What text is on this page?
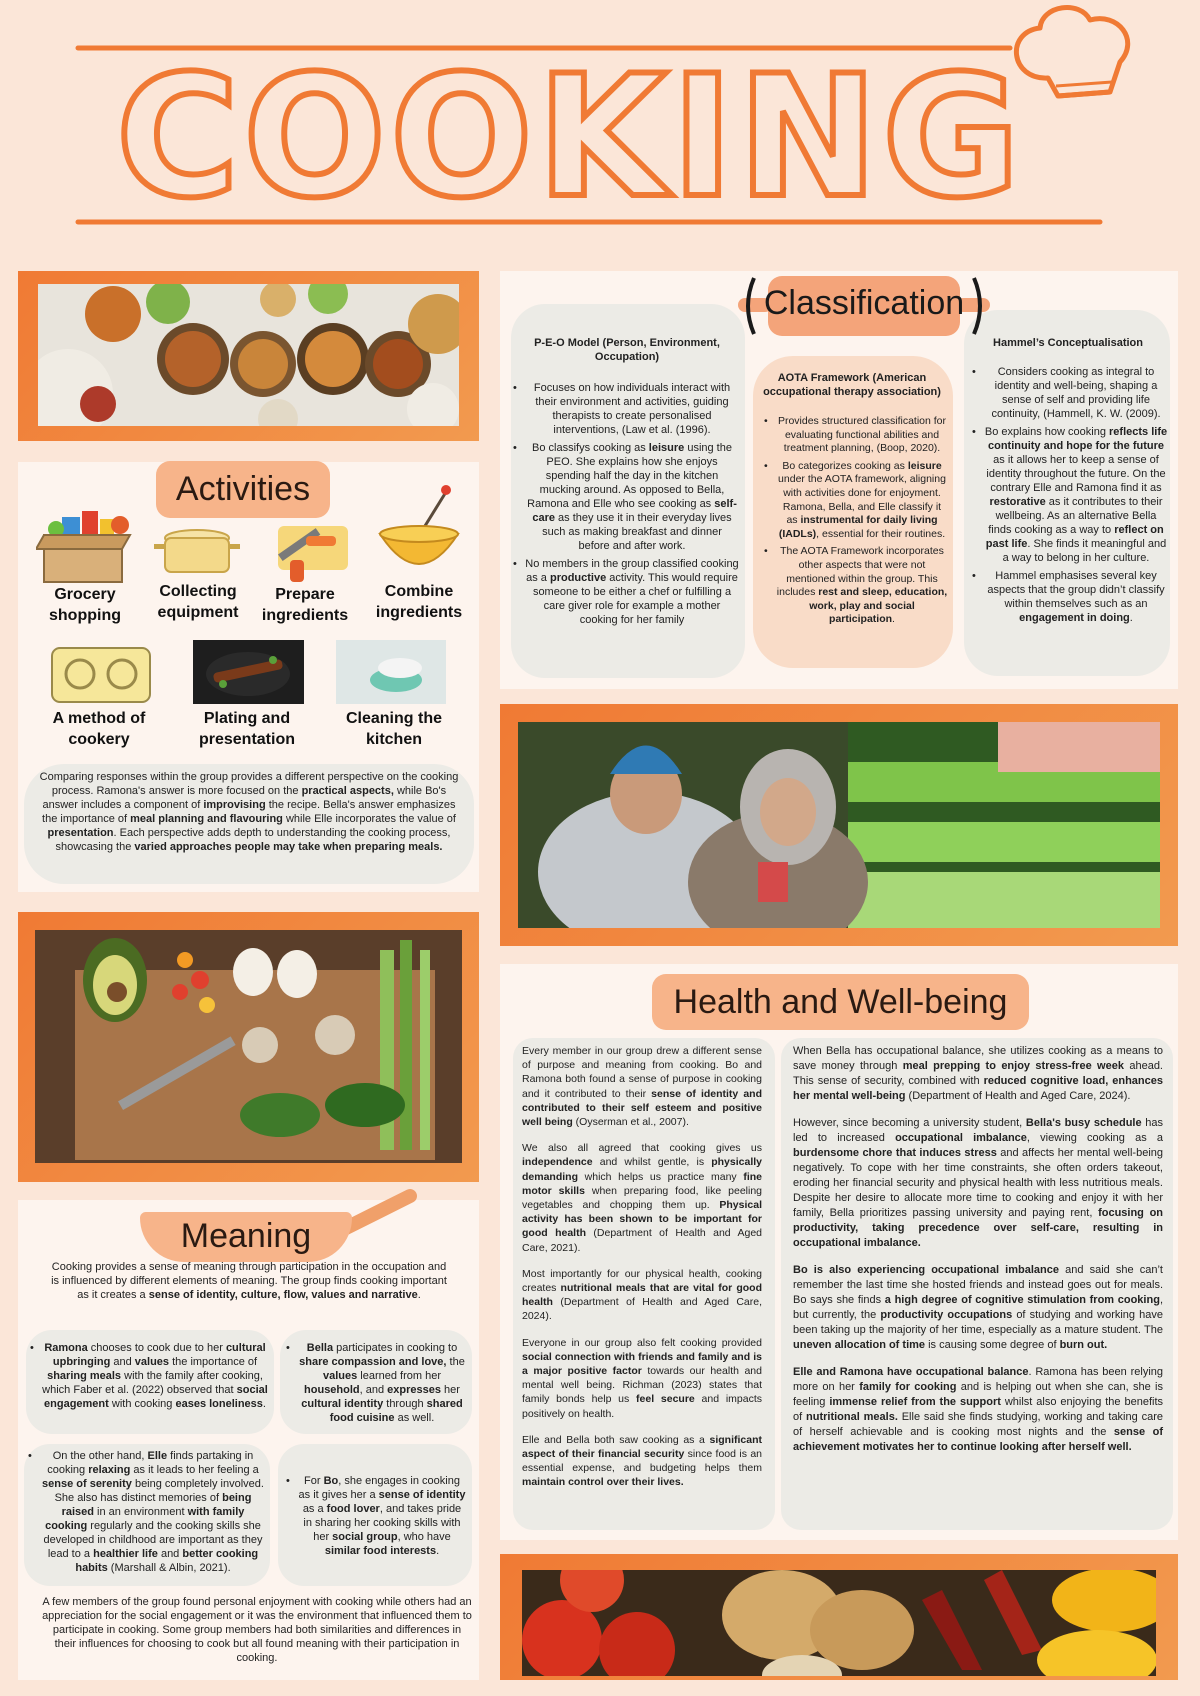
COOKING
Activities
Grocery shopping
Collecting equipment
Prepare ingredients
Combine ingredients
A method of cookery
Plating and presentation
Cleaning the kitchen
Comparing responses within the group provides a different perspective on the cooking process. Ramona's answer is more focused on the practical aspects, while Bo's answer includes a component of improvising the recipe. Bella's answer emphasizes the importance of meal planning and flavouring while Elle incorporates the value of presentation. Each perspective adds depth to understanding the cooking process, showcasing the varied approaches people may take when preparing meals.
Meaning
Cooking provides a sense of meaning through participation in the occupation and is influenced by different elements of meaning. The group finds cooking important as it creates a sense of identity, culture, flow, values and narrative.
• Ramona chooses to cook due to her cultural upbringing and values the importance of sharing meals with the family after cooking, which Faber et al. (2022) observed that social engagement with cooking eases loneliness.
•	Bella participates in cooking to share compassion and love, the values learned from her household, and expresses her cultural identity through shared food cuisine as well.
•	On the other hand, Elle finds partaking in cooking relaxing as it leads to her feeling a sense of serenity being completely involved. She also has distinct memories of being raised in an environment with family cooking regularly and the cooking skills she developed in childhood are important as they lead to a healthier life and better cooking habits (Marshall & Albin, 2021).
•	For Bo, she engages in cooking as it gives her a sense of identity as a food lover, and takes pride in sharing her cooking skills with her social group, who have similar food interests.
A few members of the group found personal enjoyment with cooking while others had an appreciation for the social engagement or it was the environment that influenced them to participate in cooking. Some group members had both similarities and differences in their influences for choosing to cook but all found meaning with their participation in cooking.
Classification
P-E-O Model (Person, Environment, Occupation)
• Focuses on how individuals interact with their environment and activities, guiding therapists to create personalised interventions, (Law et al. (1996).
• Bo classifys cooking as leisure using the PEO. She explains how she enjoys spending half the day in the kitchen mucking around. As opposed to Bella, Ramona and Elle who see cooking as self-care as they use it in their everyday lives such as making breakfast and dinner before and after work.
• No members in the group classified cooking as a productive activity. This would require someone to be either a chef or fulfilling a care giver role for example a mother cooking for her family
AOTA Framework (American occupational therapy association)
• Provides structured classification for evaluating functional abilities and treatment planning, (Boop, 2020).
• Bo categorizes cooking as leisure under the AOTA framework, aligning with activities done for enjoyment. Ramona, Bella, and Elle classify it as instrumental for daily living (IADLs), essential for their routines.
• The AOTA Framework incorporates other aspects that were not mentioned within the group. This includes rest and sleep, education, work, play and social participation.
Hammel’s Conceptualisation
• Considers cooking as integral to identity and well-being, shaping a sense of self and providing life continuity, (Hammell, K. W. (2009).
• Bo explains how cooking reflects life continuity and hope for the future as it allows her to keep a sense of identity throughout the future. On the contrary Elle and Ramona find it as restorative as it contributes to their wellbeing. As an alternative Bella finds cooking as a way to reflect on past life. She finds it meaningful and a way to belong in her culture.
• Hammel emphasises several key aspects that the group didn’t classify within themselves such as an engagement in doing.
Health and Well-being

Every member in our group drew a different sense of purpose and meaning from cooking. Bo and Ramona both found a sense of purpose in cooking and it contributed to their sense of identity and contributed to their self esteem and positive well being (Oyserman et al., 2007).

We also all agreed that cooking gives us independence and whilst gentle, is physically demanding which helps us practice many fine motor skills when preparing food, like peeling vegetables and chopping them up. Physical activity has been shown to be important for good health (Department of Health and Aged Care, 2021).

Most importantly for our physical health, cooking creates nutritional meals that are vital for good health (Department of Health and Aged Care, 2024).

Everyone in our group also felt cooking provided social connection with friends and family and is a major positive factor towards our health and mental well being. Richman (2023) states that family bonds help us feel secure and impacts positively on health.

Elle and Bella both saw cooking as a significant aspect of their financial security since food is an essential expense, and budgeting helps them maintain control over their lives.

When Bella has occupational balance, she utilizes cooking as a means to save money through meal prepping to enjoy stress-free week ahead. This sense of security, combined with reduced cognitive load, enhances her mental well-being (Department of Health and Aged Care, 2024).

However, since becoming a university student, Bella's busy schedule has led to increased occupational imbalance, viewing cooking as a burdensome chore that induces stress and affects her mental well-being negatively. To cope with her time constraints, she often orders takeout, eroding her financial security and physical health with less nutritious meals. Despite her desire to allocate more time to cooking and enjoy it with her family, Bella prioritizes passing university and paying rent, focusing on productivity, taking precedence over self-care, resulting in occupational imbalance.

Bo is also experiencing occupational imbalance and said she can’t remember the last time she hosted friends and instead goes out for meals. Bo says she finds a high degree of cognitive stimulation from cooking, but currently, the productivity occupations of studying and working have been taking up the majority of her time, especially as a mature student. The uneven allocation of time is causing some degree of burn out.

Elle and Ramona have occupational balance. Ramona has been relying more on her family for cooking and is helping out when she can, she is feeling immense relief from the support whilst also enjoying the benefits of nutritional meals. Elle said she finds studying, working and taking care of herself achievable and is cooking most nights and the sense of achievement motivates her to continue looking after herself well.
